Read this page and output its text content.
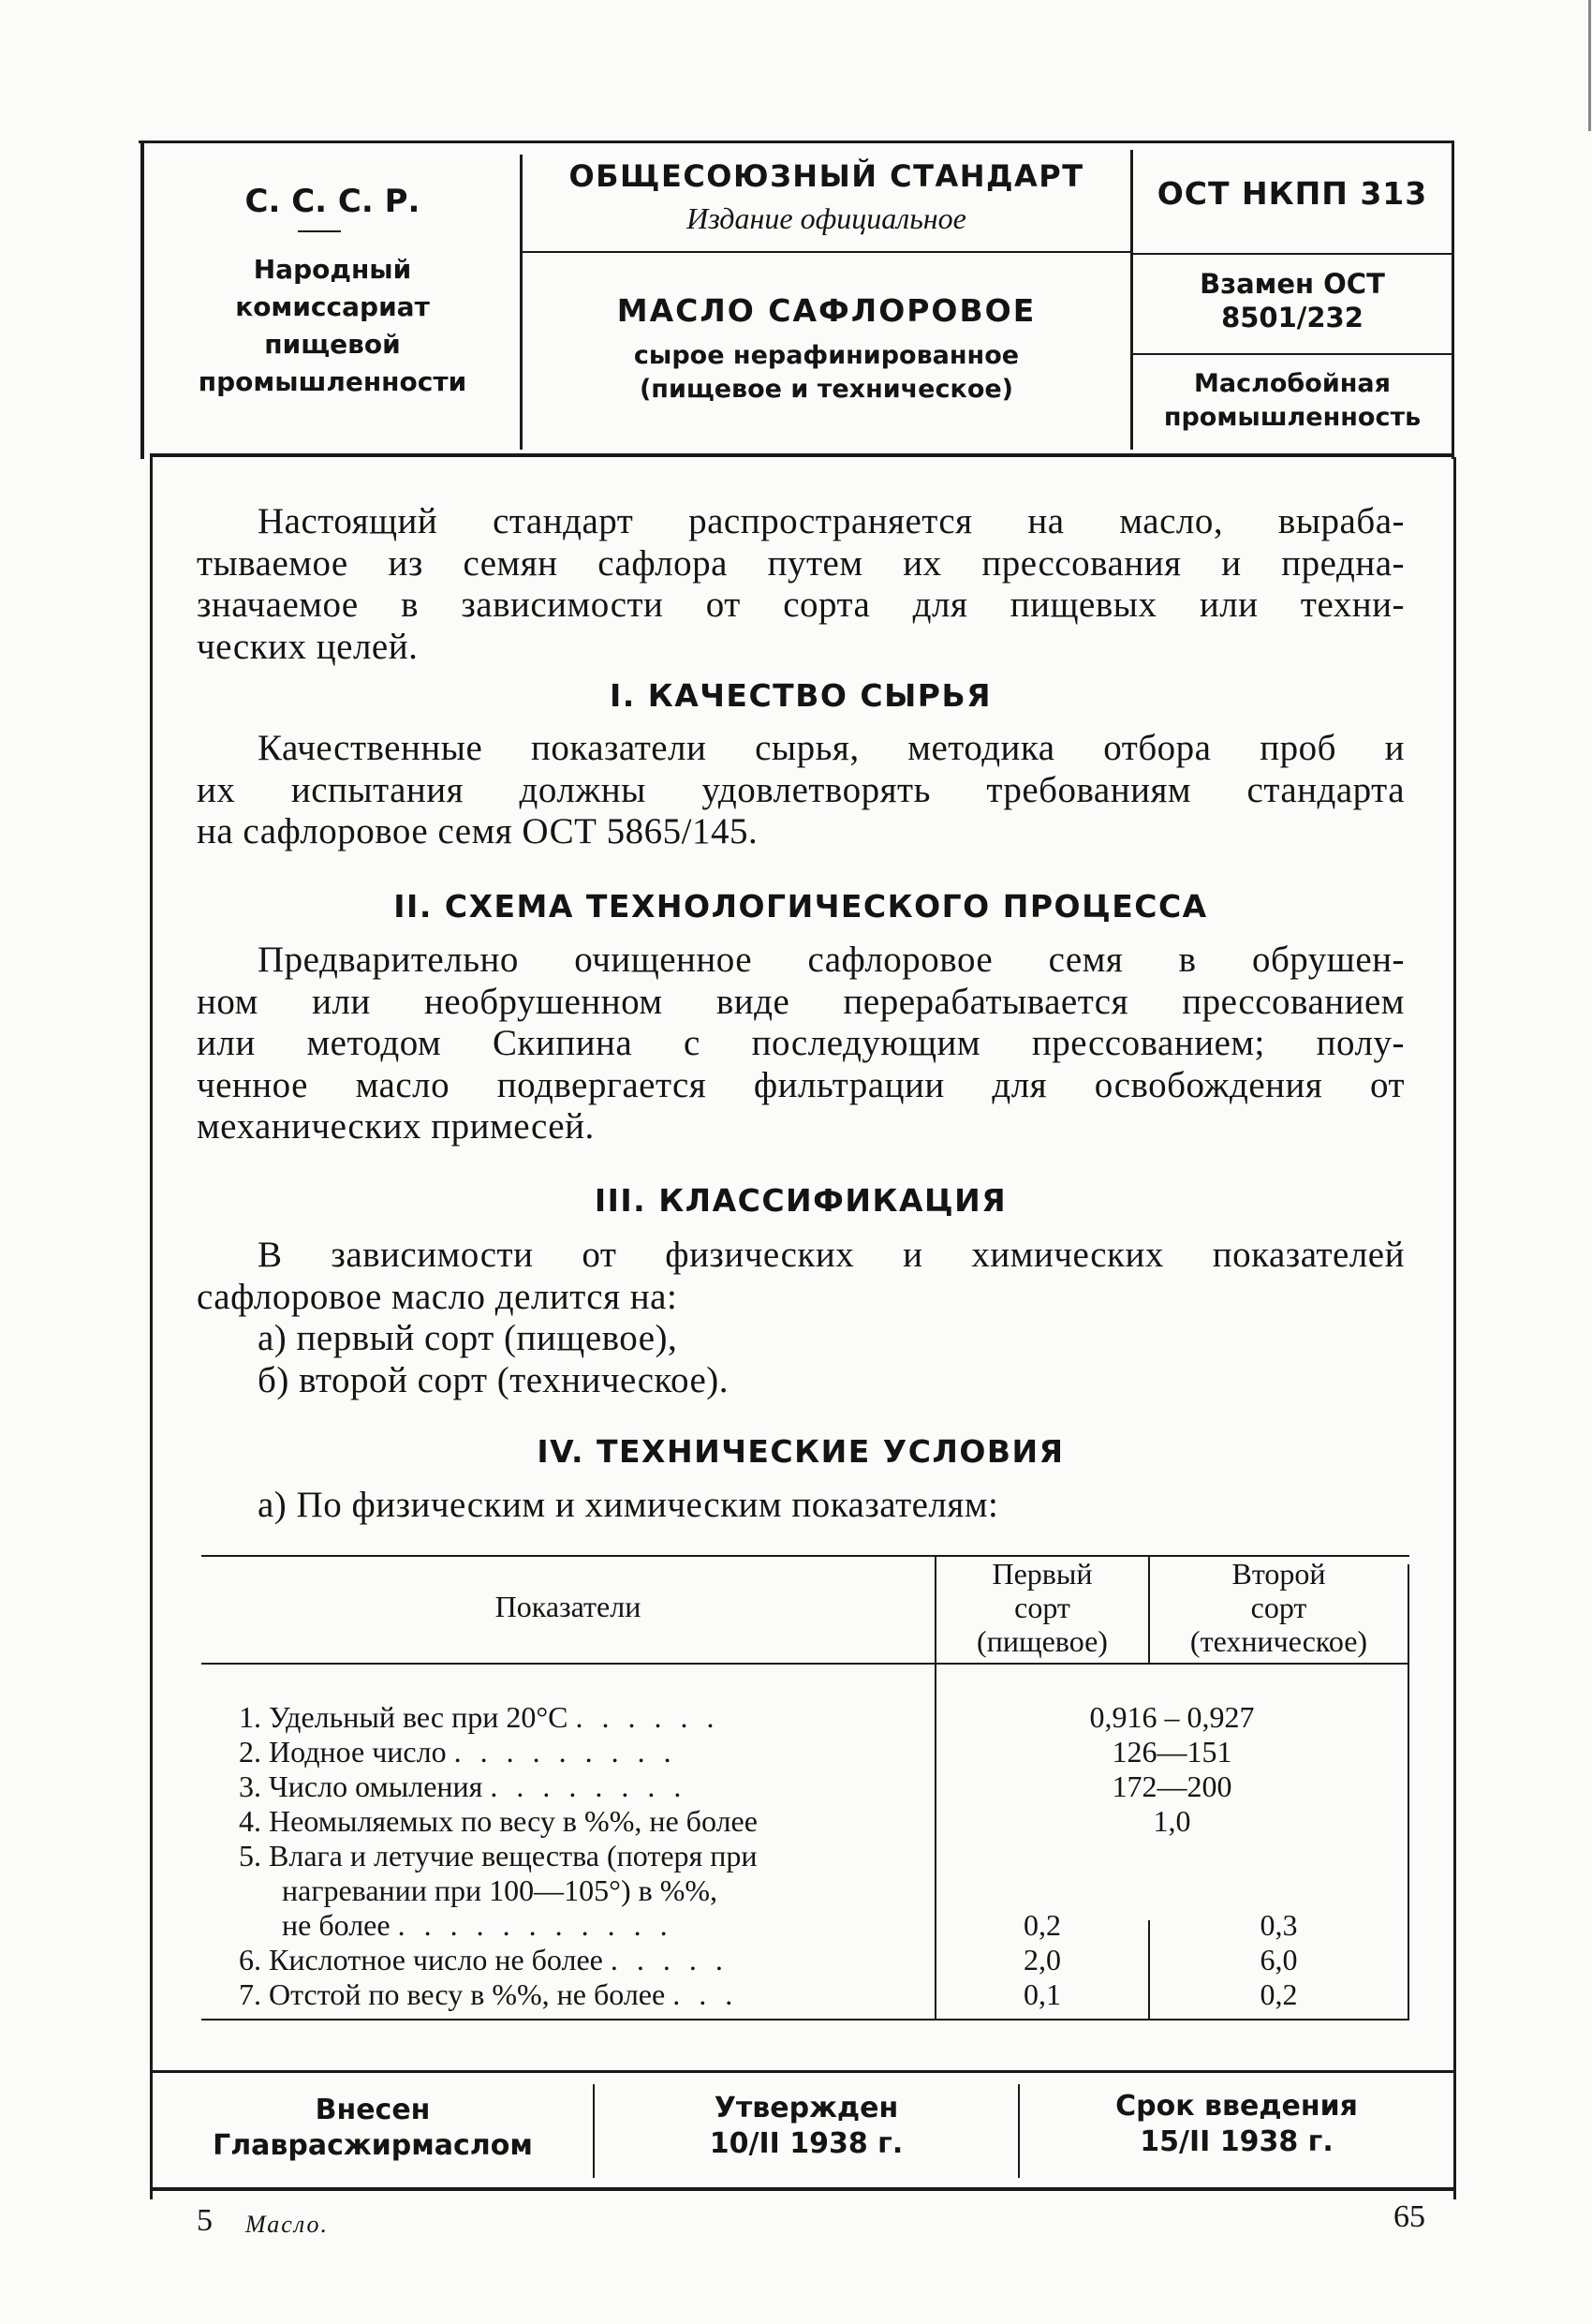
С. С. С. Р.
Народный
комиссариат
пищевой
промышленности
ОБЩЕСОЮЗНЫЙ СТАНДАРТ
Издание официальное
МАСЛО САФЛОРОВОЕ
сырое нерафинированное
(пищевое и техническое)
ОСТ НКПП 313
Взамен ОСТ
8501/232
Маслобойная
промышленность
Настоящий стандарт распространяется на масло, выраба-
тываемое из семян сафлора путем их прессования и предна-
значаемое в зависимости от сорта для пищевых или техни-
ческих целей.
I. КАЧЕСТВО СЫРЬЯ
Качественные показатели сырья, методика отбора проб и
их испытания должны удовлетворять требованиям стандарта
на сафлоровое семя ОСТ 5865/145.
II. СХЕМА ТЕХНОЛОГИЧЕСКОГО ПРОЦЕССА
Предварительно очищенное сафлоровое семя в обрушен-
ном или необрушенном виде перерабатывается прессованием
или методом Скипина с последующим прессованием; полу-
ченное масло подвергается фильтрации для освобождения от
механических примесей.
III. КЛАССИФИКАЦИЯ
В зависимости от физических и химических показателей
сафлоровое масло делится на:
а) первый сорт (пищевое),
б) второй сорт (техническое).
IV. ТЕХНИЧЕСКИЕ УСЛОВИЯ
а) По физическим и химическим показателям:
Показатели
Первый
сорт
(пищевое)
Второй
сорт
(техническое)
1. Удельный вес при 20°C . . . . . .
2. Иодное число . . . . . . . . .
3. Число омыления . . . . . . . .
4. Неомыляемых по весу в %%, не более
5. Влага и летучие вещества (потеря при
нагревании при 100—105°) в %%,
не более . . . . . . . . . . .
6. Кислотное число не более . . . . .
7. Отстой по весу в %%, не более . . .
0,916 – 0,927
126—151
172—200
1,0
0,2
2,0
0,1
0,3
6,0
0,2
Внесен
Главрасжирмаслом
Утвержден
10/II 1938 г.
Срок введения
15/II 1938 г.
5 Масло.	65
